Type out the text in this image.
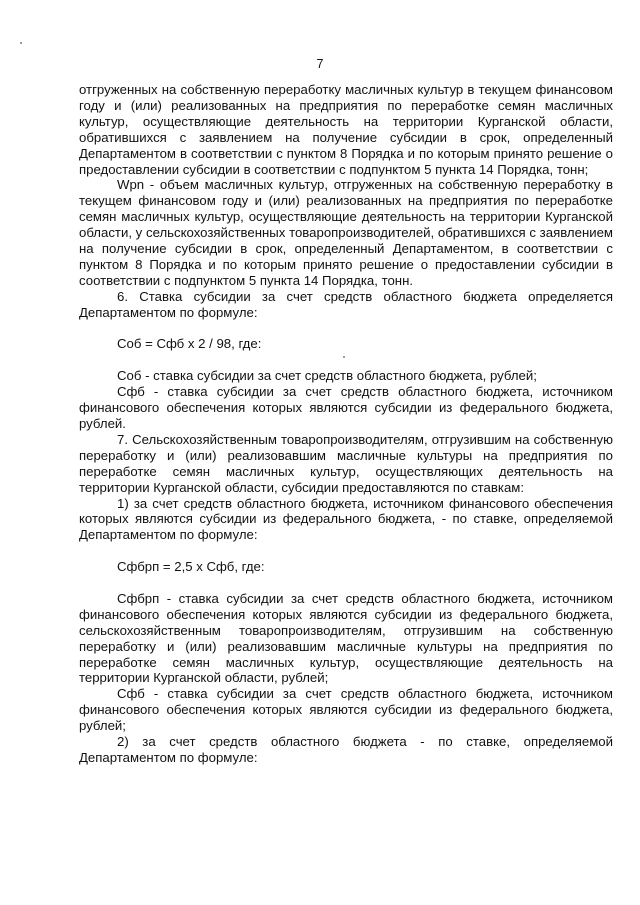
7

отгруженных на собственную переработку масличных культур в текущем финансовом году и (или) реализованных на предприятия по переработке семян масличных культур, осуществляющие деятельность на территории Курганской области, обратившихся с заявлением на получение субсидии в срок, определенный Департаментом в соответствии с пунктом 8 Порядка и по которым принято решение о предоставлении субсидии в соответствии с подпунктом 5 пункта 14 Порядка, тонн;

Wpn - объем масличных культур, отгруженных на собственную переработку в текущем финансовом году и (или) реализованных на предприятия по переработке семян масличных культур, осуществляющие деятельность на территории Курганской области, у сельскохозяйственных товаропроизводителей, обратившихся с заявлением на получение субсидии в срок, определенный Департаментом, в соответствии с пунктом 8 Порядка и по которым принято решение о предоставлении субсидии в соответствии с подпунктом 5 пункта 14 Порядка, тонн.

6. Ставка субсидии за счет средств областного бюджета определяется Департаментом по формуле:

Соб = Сфб х 2 / 98, где:

Соб - ставка субсидии за счет средств областного бюджета, рублей;

Сфб - ставка субсидии за счет средств областного бюджета, источником финансового обеспечения которых являются субсидии из федерального бюджета, рублей.

7. Сельскохозяйственным товаропроизводителям, отгрузившим на собственную переработку и (или) реализовавшим масличные культуры на предприятия по переработке семян масличных культур, осуществляющих деятельность на территории Курганской области, субсидии предоставляются по ставкам:

1) за счет средств областного бюджета, источником финансового обеспечения которых являются субсидии из федерального бюджета, - по ставке, определяемой Департаментом по формуле:

Сфбрп = 2,5 х Сфб, где:

Сфбрп - ставка субсидии за счет средств областного бюджета, источником финансового обеспечения которых являются субсидии из федерального бюджета, сельскохозяйственным товаропроизводителям, отгрузившим на собственную переработку и (или) реализовавшим масличные культуры на предприятия по переработке семян масличных культур, осуществляющие деятельность на территории Курганской области, рублей;

Сфб - ставка субсидии за счет средств областного бюджета, источником финансового обеспечения которых являются субсидии из федерального бюджета, рублей;

2) за счет средств областного бюджета - по ставке, определяемой Департаментом по формуле:
